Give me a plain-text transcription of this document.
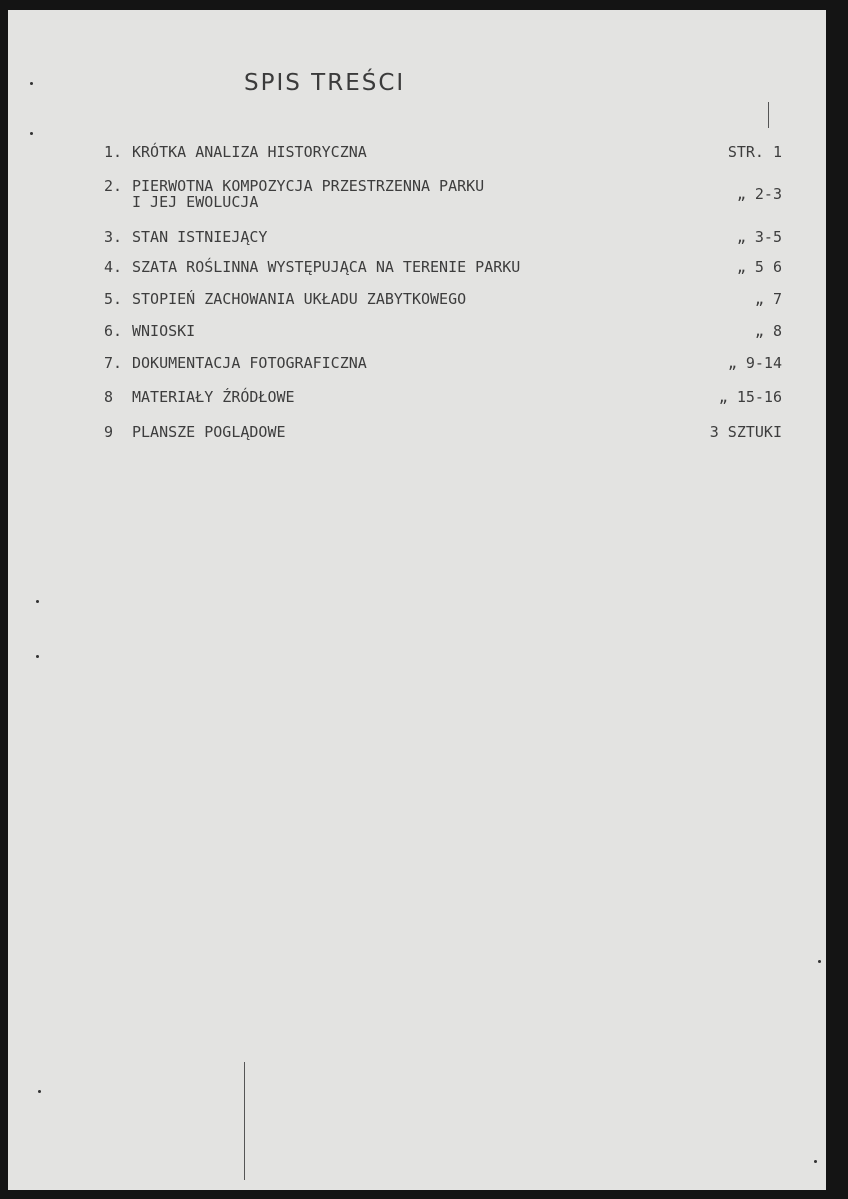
SPIS TREŚCI
1. KRÓTKA ANALIZA HISTORYCZNA	STR. 1
2. PIERWOTNA KOMPOZYCJA PRZESTRZENNA PARKU
I JEJ EWOLUCJA	„ 2-3
3. STAN ISTNIEJĄCY	„ 3-5
4. SZATA ROŚLINNA WYSTĘPUJĄCA NA TERENIE PARKU	„ 5 6
5. STOPIEŃ ZACHOWANIA UKŁADU ZABYTKOWEGO	„ 7
6. WNIOSKI	„ 8
7. DOKUMENTACJA FOTOGRAFICZNA	„ 9-14
8	MATERIAŁY ŹRÓDŁOWE	„ 15-16
9	PLANSZE POGLĄDOWE	3 SZTUKI
